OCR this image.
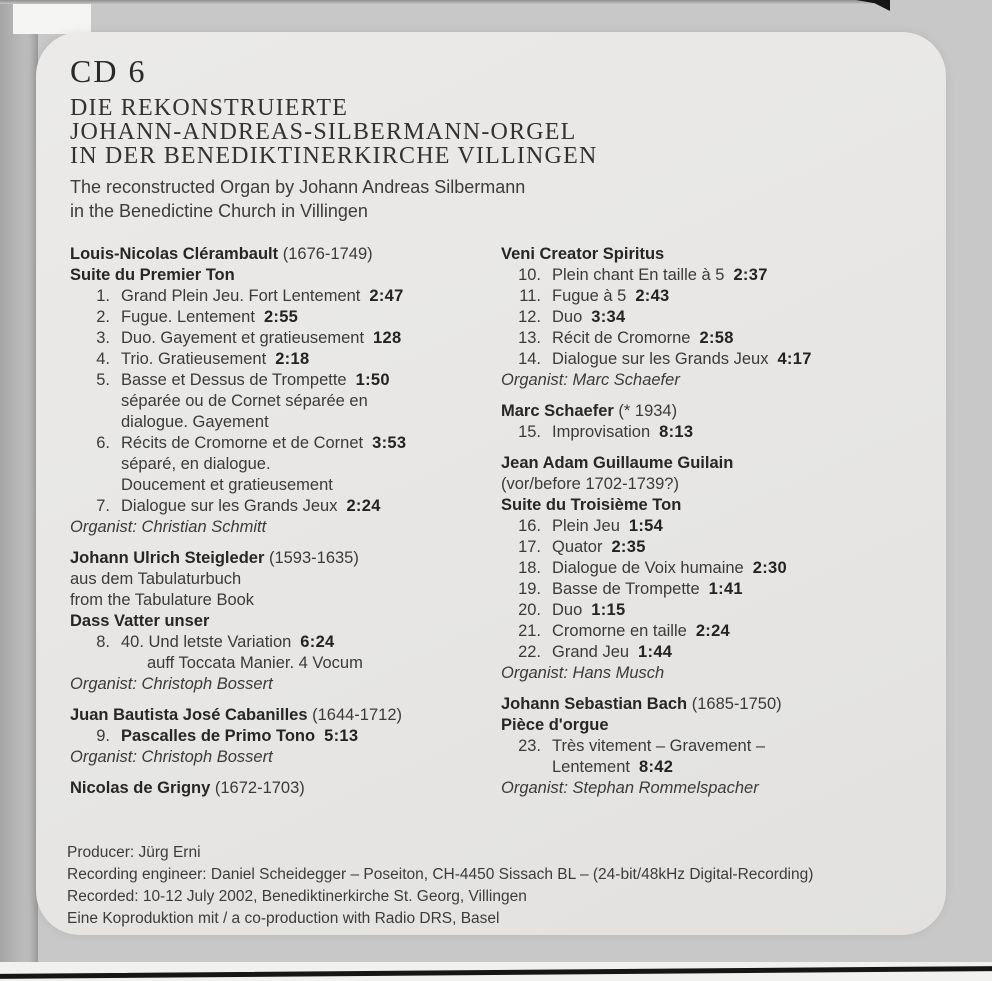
CD 6
DIE REKONSTRUIERTE
JOHANN-ANDREAS-SILBERMANN-ORGEL
IN DER BENEDIKTINERKIRCHE VILLINGEN
The reconstructed Organ by Johann Andreas Silbermann
in the Benedictine Church in Villingen
Louis-Nicolas Clérambault (1676-1749)
Suite du Premier Ton
1. Grand Plein Jeu. Fort Lentement 2:47
2. Fugue. Lentement 2:55
3. Duo. Gayement et gratieusement 128
4. Trio. Gratieusement 2:18
5. Basse et Dessus de Trompette 1:50
séparée ou de Cornet séparée en
dialogue. Gayement
6. Récits de Cromorne et de Cornet 3:53
séparé, en dialogue.
Doucement et gratieusement
7. Dialogue sur les Grands Jeux 2:24
Organist: Christian Schmitt
Johann Ulrich Steigleder (1593-1635)
aus dem Tabulaturbuch
from the Tabulature Book
Dass Vatter unser
8. 40. Und letste Variation 6:24
auff Toccata Manier. 4 Vocum
Organist: Christoph Bossert
Juan Bautista José Cabanilles (1644-1712)
9. Pascalles de Primo Tono 5:13
Organist: Christoph Bossert
Nicolas de Grigny (1672-1703)
Veni Creator Spiritus
10. Plein chant En taille à 5 2:37
11. Fugue à 5 2:43
12. Duo 3:34
13. Récit de Cromorne 2:58
14. Dialogue sur les Grands Jeux 4:17
Organist: Marc Schaefer
Marc Schaefer (* 1934)
15. Improvisation 8:13
Jean Adam Guillaume Guilain
(vor/before 1702-1739?)
Suite du Troisième Ton
16. Plein Jeu 1:54
17. Quator 2:35
18. Dialogue de Voix humaine 2:30
19. Basse de Trompette 1:41
20. Duo 1:15
21. Cromorne en taille 2:24
22. Grand Jeu 1:44
Organist: Hans Musch
Johann Sebastian Bach (1685-1750)
Pièce d'orgue
23. Très vitement – Gravement –
Lentement 8:42
Organist: Stephan Rommelspacher
Producer: Jürg Erni
Recording engineer: Daniel Scheidegger – Poseiton, CH-4450 Sissach BL – (24-bit/48kHz Digital-Recording)
Recorded: 10-12 July 2002, Benediktinerkirche St. Georg, Villingen
Eine Koproduktion mit / a co-production with Radio DRS, Basel
